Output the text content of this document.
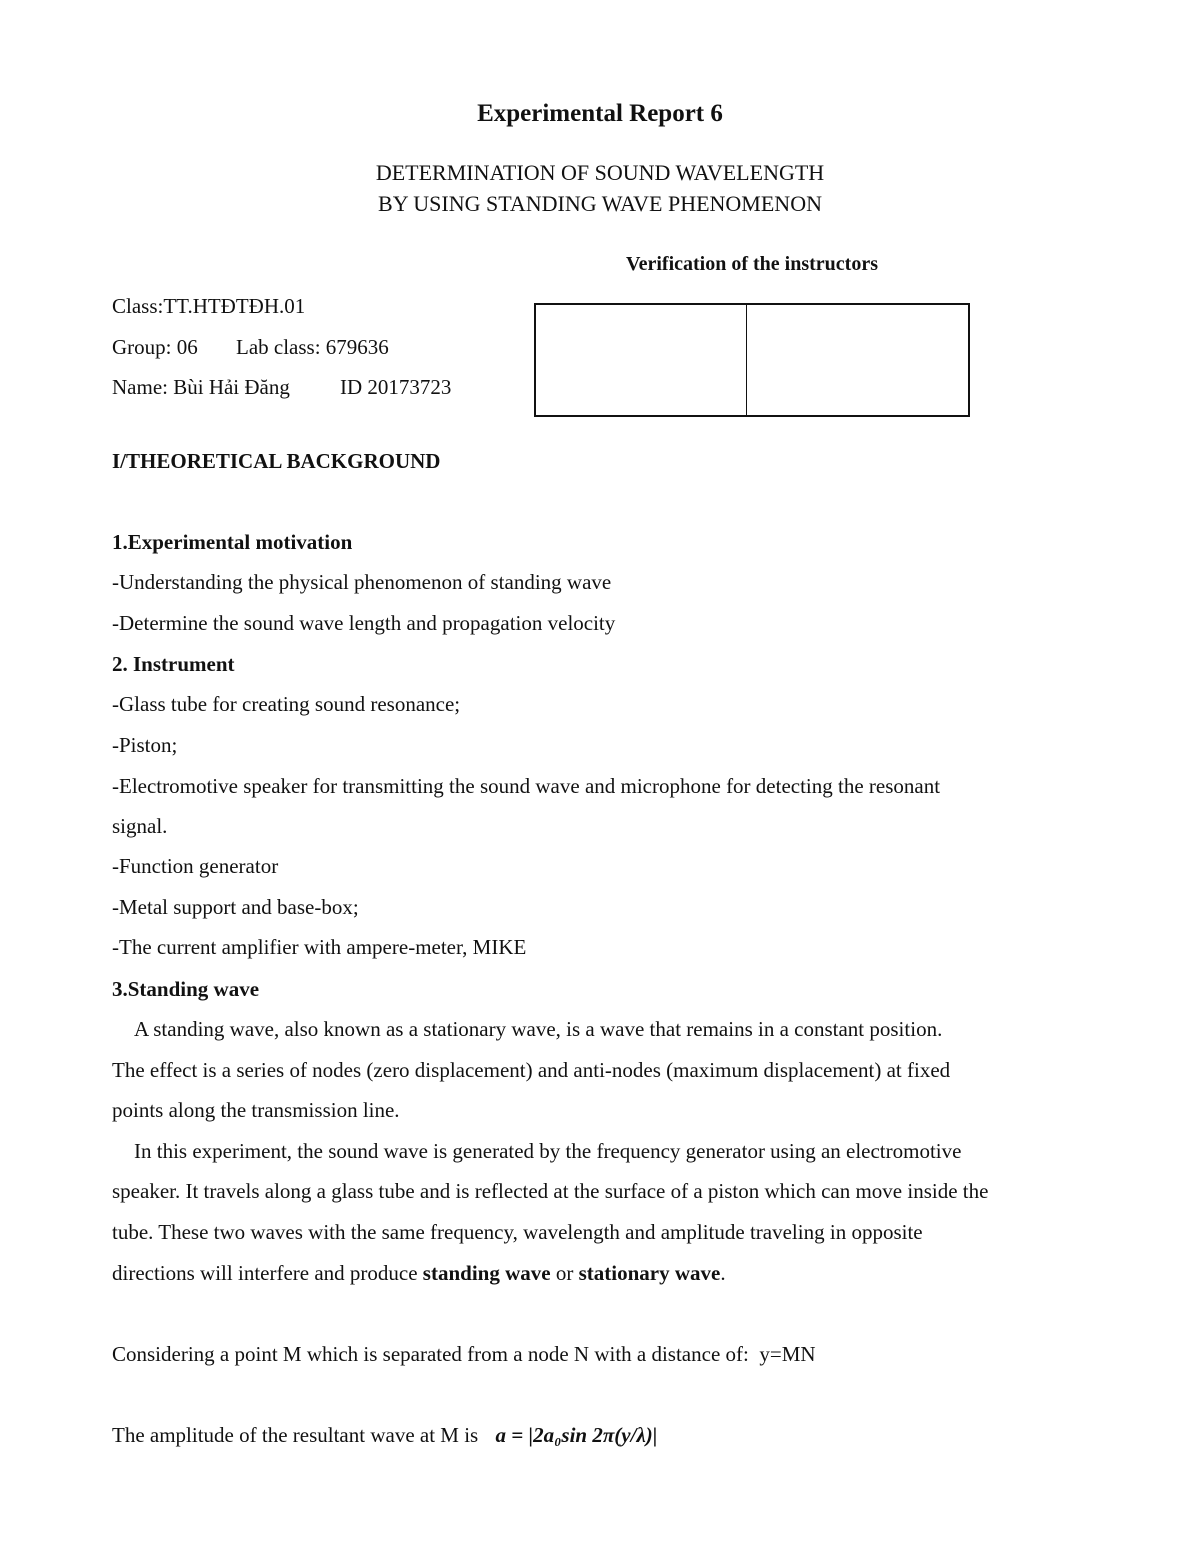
Experimental Report 6
DETERMINATION OF SOUND WAVELENGTH
BY USING STANDING WAVE PHENOMENON
Verification of the instructors
Class:TT.HTĐTĐH.01
Group: 06 Lab class: 679636
Name: Bùi Hải Đăng ID 20173723
I/THEORETICAL BACKGROUND
1.Experimental motivation
-Understanding the physical phenomenon of standing wave
-Determine the sound wave length and propagation velocity
2. Instrument
-Glass tube for creating sound resonance;
-Piston;
-Electromotive speaker for transmitting the sound wave and microphone for detecting the resonant
signal.
-Function generator
-Metal support and base-box;
-The current amplifier with ampere-meter, MIKE
3.Standing wave
A standing wave, also known as a stationary wave, is a wave that remains in a constant position.
The effect is a series of nodes (zero displacement) and anti-nodes (maximum displacement) at fixed
points along the transmission line.
In this experiment, the sound wave is generated by the frequency generator using an electromotive
speaker. It travels along a glass tube and is reflected at the surface of a piston which can move inside the
tube. These two waves with the same frequency, wavelength and amplitude traveling in opposite
directions will interfere and produce standing wave or stationary wave.
Considering a point M which is separated from a node N with a distance of:  y=MN
The amplitude of the resultant wave at M is a = |2a₀sin 2π(y/λ)|
